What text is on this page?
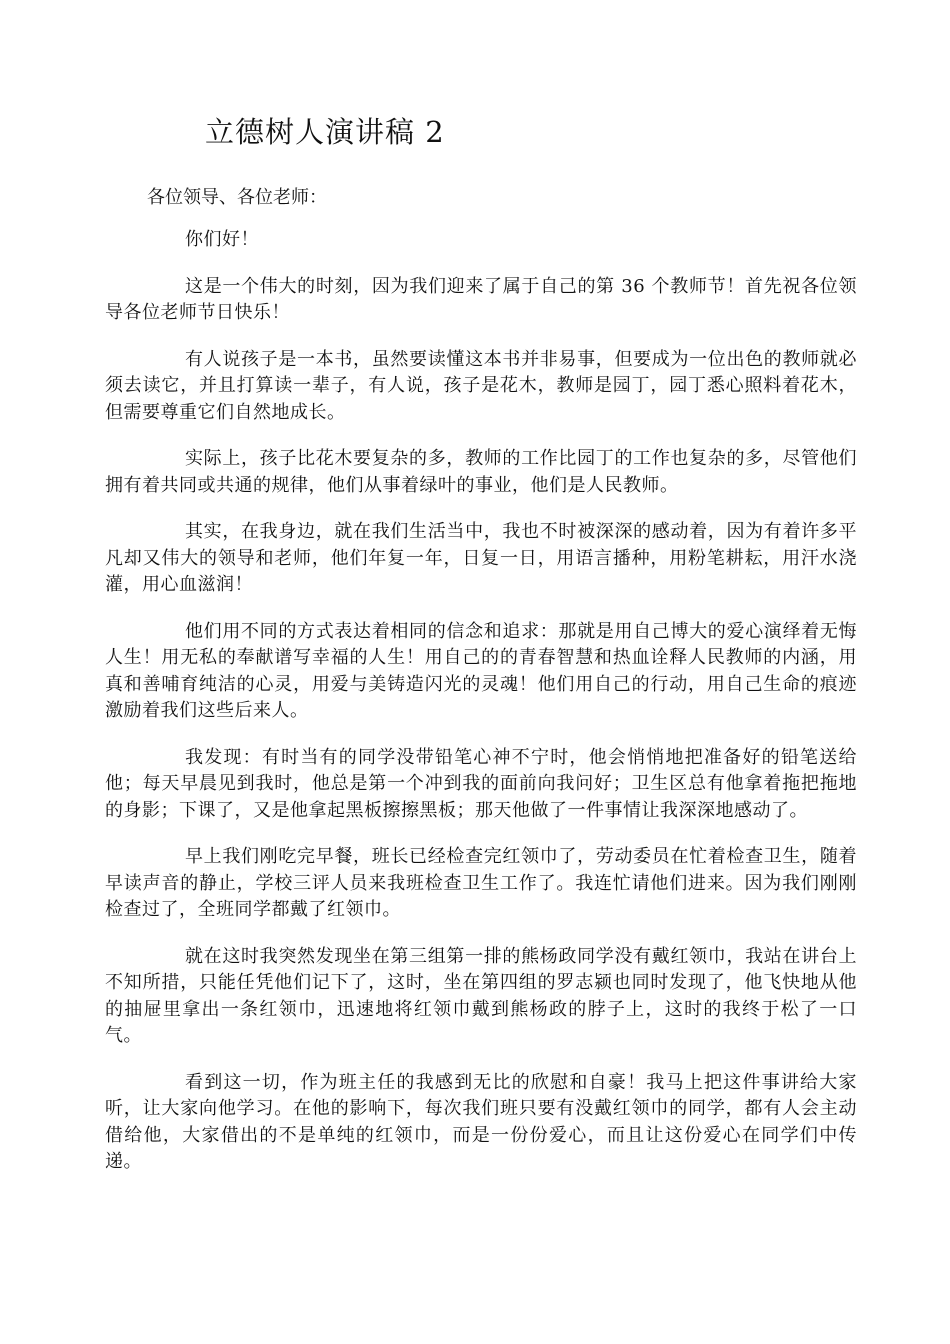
立德树人演讲稿 2

各位领导、各位老师：

你们好！

这是一个伟大的时刻，因为我们迎来了属于自己的第 36 个教师节！首先祝各位领导各位老师节日快乐！

有人说孩子是一本书，虽然要读懂这本书并非易事，但要成为一位出色的教师就必须去读它，并且打算读一辈子，有人说，孩子是花木，教师是园丁，园丁悉心照料着花木，但需要尊重它们自然地成长。

实际上，孩子比花木要复杂的多，教师的工作比园丁的工作也复杂的多，尽管他们拥有着共同或共通的规律，他们从事着绿叶的事业，他们是人民教师。

其实，在我身边，就在我们生活当中，我也不时被深深的感动着，因为有着许多平凡却又伟大的领导和老师，他们年复一年，日复一日，用语言播种，用粉笔耕耘，用汗水浇灌，用心血滋润！

他们用不同的方式表达着相同的信念和追求：那就是用自己博大的爱心演绎着无悔人生！用无私的奉献谱写幸福的人生！用自己的的青春智慧和热血诠释人民教师的内涵，用真和善哺育纯洁的心灵，用爱与美铸造闪光的灵魂！他们用自己的行动，用自己生命的痕迹激励着我们这些后来人。

我发现：有时当有的同学没带铅笔心神不宁时，他会悄悄地把准备好的铅笔送给他；每天早晨见到我时，他总是第一个冲到我的面前向我问好；卫生区总有他拿着拖把拖地的身影；下课了，又是他拿起黑板擦擦黑板；那天他做了一件事情让我深深地感动了。

早上我们刚吃完早餐，班长已经检查完红领巾了，劳动委员在忙着检查卫生，随着早读声音的静止，学校三评人员来我班检查卫生工作了。我连忙请他们进来。因为我们刚刚检查过了，全班同学都戴了红领巾。

就在这时我突然发现坐在第三组第一排的熊杨政同学没有戴红领巾，我站在讲台上不知所措，只能任凭他们记下了，这时，坐在第四组的罗志颍也同时发现了，他飞快地从他的抽屉里拿出一条红领巾，迅速地将红领巾戴到熊杨政的脖子上，这时的我终于松了一口气。

看到这一切，作为班主任的我感到无比的欣慰和自豪！我马上把这件事讲给大家听，让大家向他学习。在他的影响下，每次我们班只要有没戴红领巾的同学，都有人会主动借给他，大家借出的不是单纯的红领巾，而是一份份爱心，而且让这份爱心在同学们中传递。
